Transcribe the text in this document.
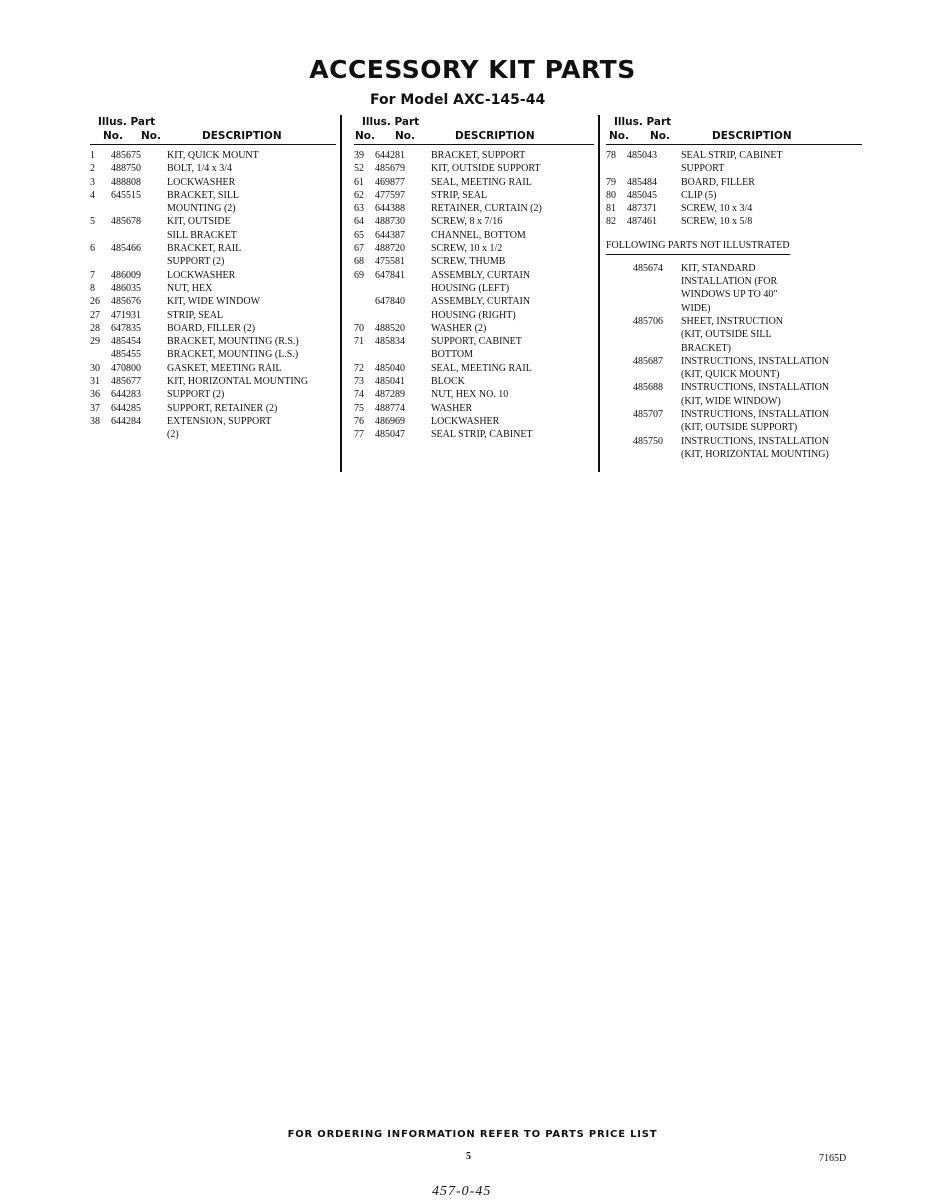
ACCESSORY KIT PARTS
For Model AXC-145-44
Illus. Part
No. No.	DESCRIPTION
1 485675	KIT, QUICK MOUNT
2 488750	BOLT, 1/4 x 3/4
3 488808	LOCKWASHER
4 645515	BRACKET, SILL
MOUNTING (2)
5 485678	KIT, OUTSIDE
SILL BRACKET
6 485466	BRACKET, RAIL
SUPPORT (2)
7 486009	LOCKWASHER
8 486035	NUT, HEX
26 485676	KIT, WIDE WINDOW
27 471931	STRIP, SEAL
28 647835	BOARD, FILLER (2)
29 485454	BRACKET, MOUNTING (R.S.)
485455	BRACKET, MOUNTING (L.S.)
30 470800	GASKET, MEETING RAIL
31 485677	KIT, HORIZONTAL MOUNTING
36 644283	SUPPORT (2)
37 644285	SUPPORT, RETAINER (2)
38 644284	EXTENSION, SUPPORT
(2)
Illus. Part
No. No.	DESCRIPTION
39 644281	BRACKET, SUPPORT
52 485679	KIT, OUTSIDE SUPPORT
61 469877	SEAL, MEETING RAIL
62 477597	STRIP, SEAL
63 644388	RETAINER, CURTAIN (2)
64 488730	SCREW, 8 x 7/16
65 644387	CHANNEL, BOTTOM
67 488720	SCREW, 10 x 1/2
68 475581	SCREW, THUMB
69 647841	ASSEMBLY, CURTAIN
HOUSING (LEFT)
647840	ASSEMBLY, CURTAIN
HOUSING (RIGHT)
70 488520	WASHER (2)
71 485834	SUPPORT, CABINET
BOTTOM
72 485040	SEAL, MEETING RAIL
73 485041	BLOCK
74 487289	NUT, HEX NO. 10
75 488774	WASHER
76 486969	LOCKWASHER
77 485047	SEAL STRIP, CABINET
Illus. Part
No. No.	DESCRIPTION
78 485043 SEAL STRIP, CABINET
SUPPORT
79 485484 BOARD, FILLER
80 485045 CLIP (5)
81 487371 SCREW, 10 x 3/4
82 487461 SCREW, 10 x 5/8
FOLLOWING PARTS NOT ILLUSTRATED
485674 KIT, STANDARD
INSTALLATION (FOR
WINDOWS UP TO 40"
WIDE)
485706 SHEET, INSTRUCTION
(KIT, OUTSIDE SILL
BRACKET)
485687 INSTRUCTIONS, INSTALLATION
(KIT, QUICK MOUNT)
485688 INSTRUCTIONS, INSTALLATION
(KIT, WIDE WINDOW)
485707 INSTRUCTIONS, INSTALLATION
(KIT, OUTSIDE SUPPORT)
485750 INSTRUCTIONS, INSTALLATION
(KIT, HORIZONTAL MOUNTING)
FOR ORDERING INFORMATION REFER TO PARTS PRICE LIST
5	7165D
457-0-45
